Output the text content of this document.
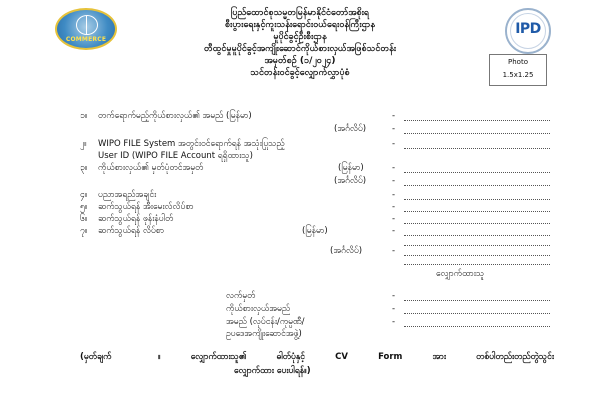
COMMERCE
IPD
ပြည်ထောင်စုသမ္မတမြန်မာနိုင်ငံတော်အစိုးရ
စီးပွားရေးနှင့်ကူးသန်းရောင်းဝယ်ရေးဝန်ကြီးဌာန
မူပိုင်ခွင့်ဦးစီးဌာန
တီထွင်မှုမူပိုင်ခွင့်အကျိုးဆောင်ကိုယ်စားလှယ်အဖြစ်သင်တန်း
အမှတ်စဉ် (၁/၂၀၂၄)
သင်တန်းဝင်ခွင့်လျှောက်လွှာပုံစံ
Photo
1.5x1.25
၁။ တက်ရောက်မည့်ကိုယ်စားလှယ်၏ အမည် (မြန်မာ)	-
(အင်္ဂလိပ်)	-
၂။ WIPO FILE System အတွင်းဝင်ရောက်ရန် အသုံးပြုသည့်
User ID (WIPO FILE Account ရရှိထားသူ)
-
၃။ ကိုယ်စားလှယ်၏ မှတ်ပုံတင်အမှတ်	(မြန်မာ)	-
(အင်္ဂလိပ်)	-
၄။ ပညာအရည်အချင်း	-
၅။ ဆက်သွယ်ရန် အီးမေးလ်လိပ်စာ	-
၆။ ဆက်သွယ်ရန် ဖုန်းနံပါတ်	-
၇။ ဆက်သွယ်ရန် လိပ်စာ	(မြန်မာ)	-
(အင်္ဂလိပ်)	-
လျှောက်ထားသူ
လက်မှတ်	-
ကိုယ်စားလှယ်အမည်	-
အမည် (လုပ်ငန်း/ကုမ္ပဏီ/
ဥပဒေအကျိုးဆောင်အဖွဲ့)
-
(မှတ်ချက်	။ လျှောက်ထားသူ၏ ဓါတ်ပုံနှင့် CV Form အား တစ်ပါတည်းတည်တွဲသွင်း
လျှောက်ထား ပေးပါရန်။)
